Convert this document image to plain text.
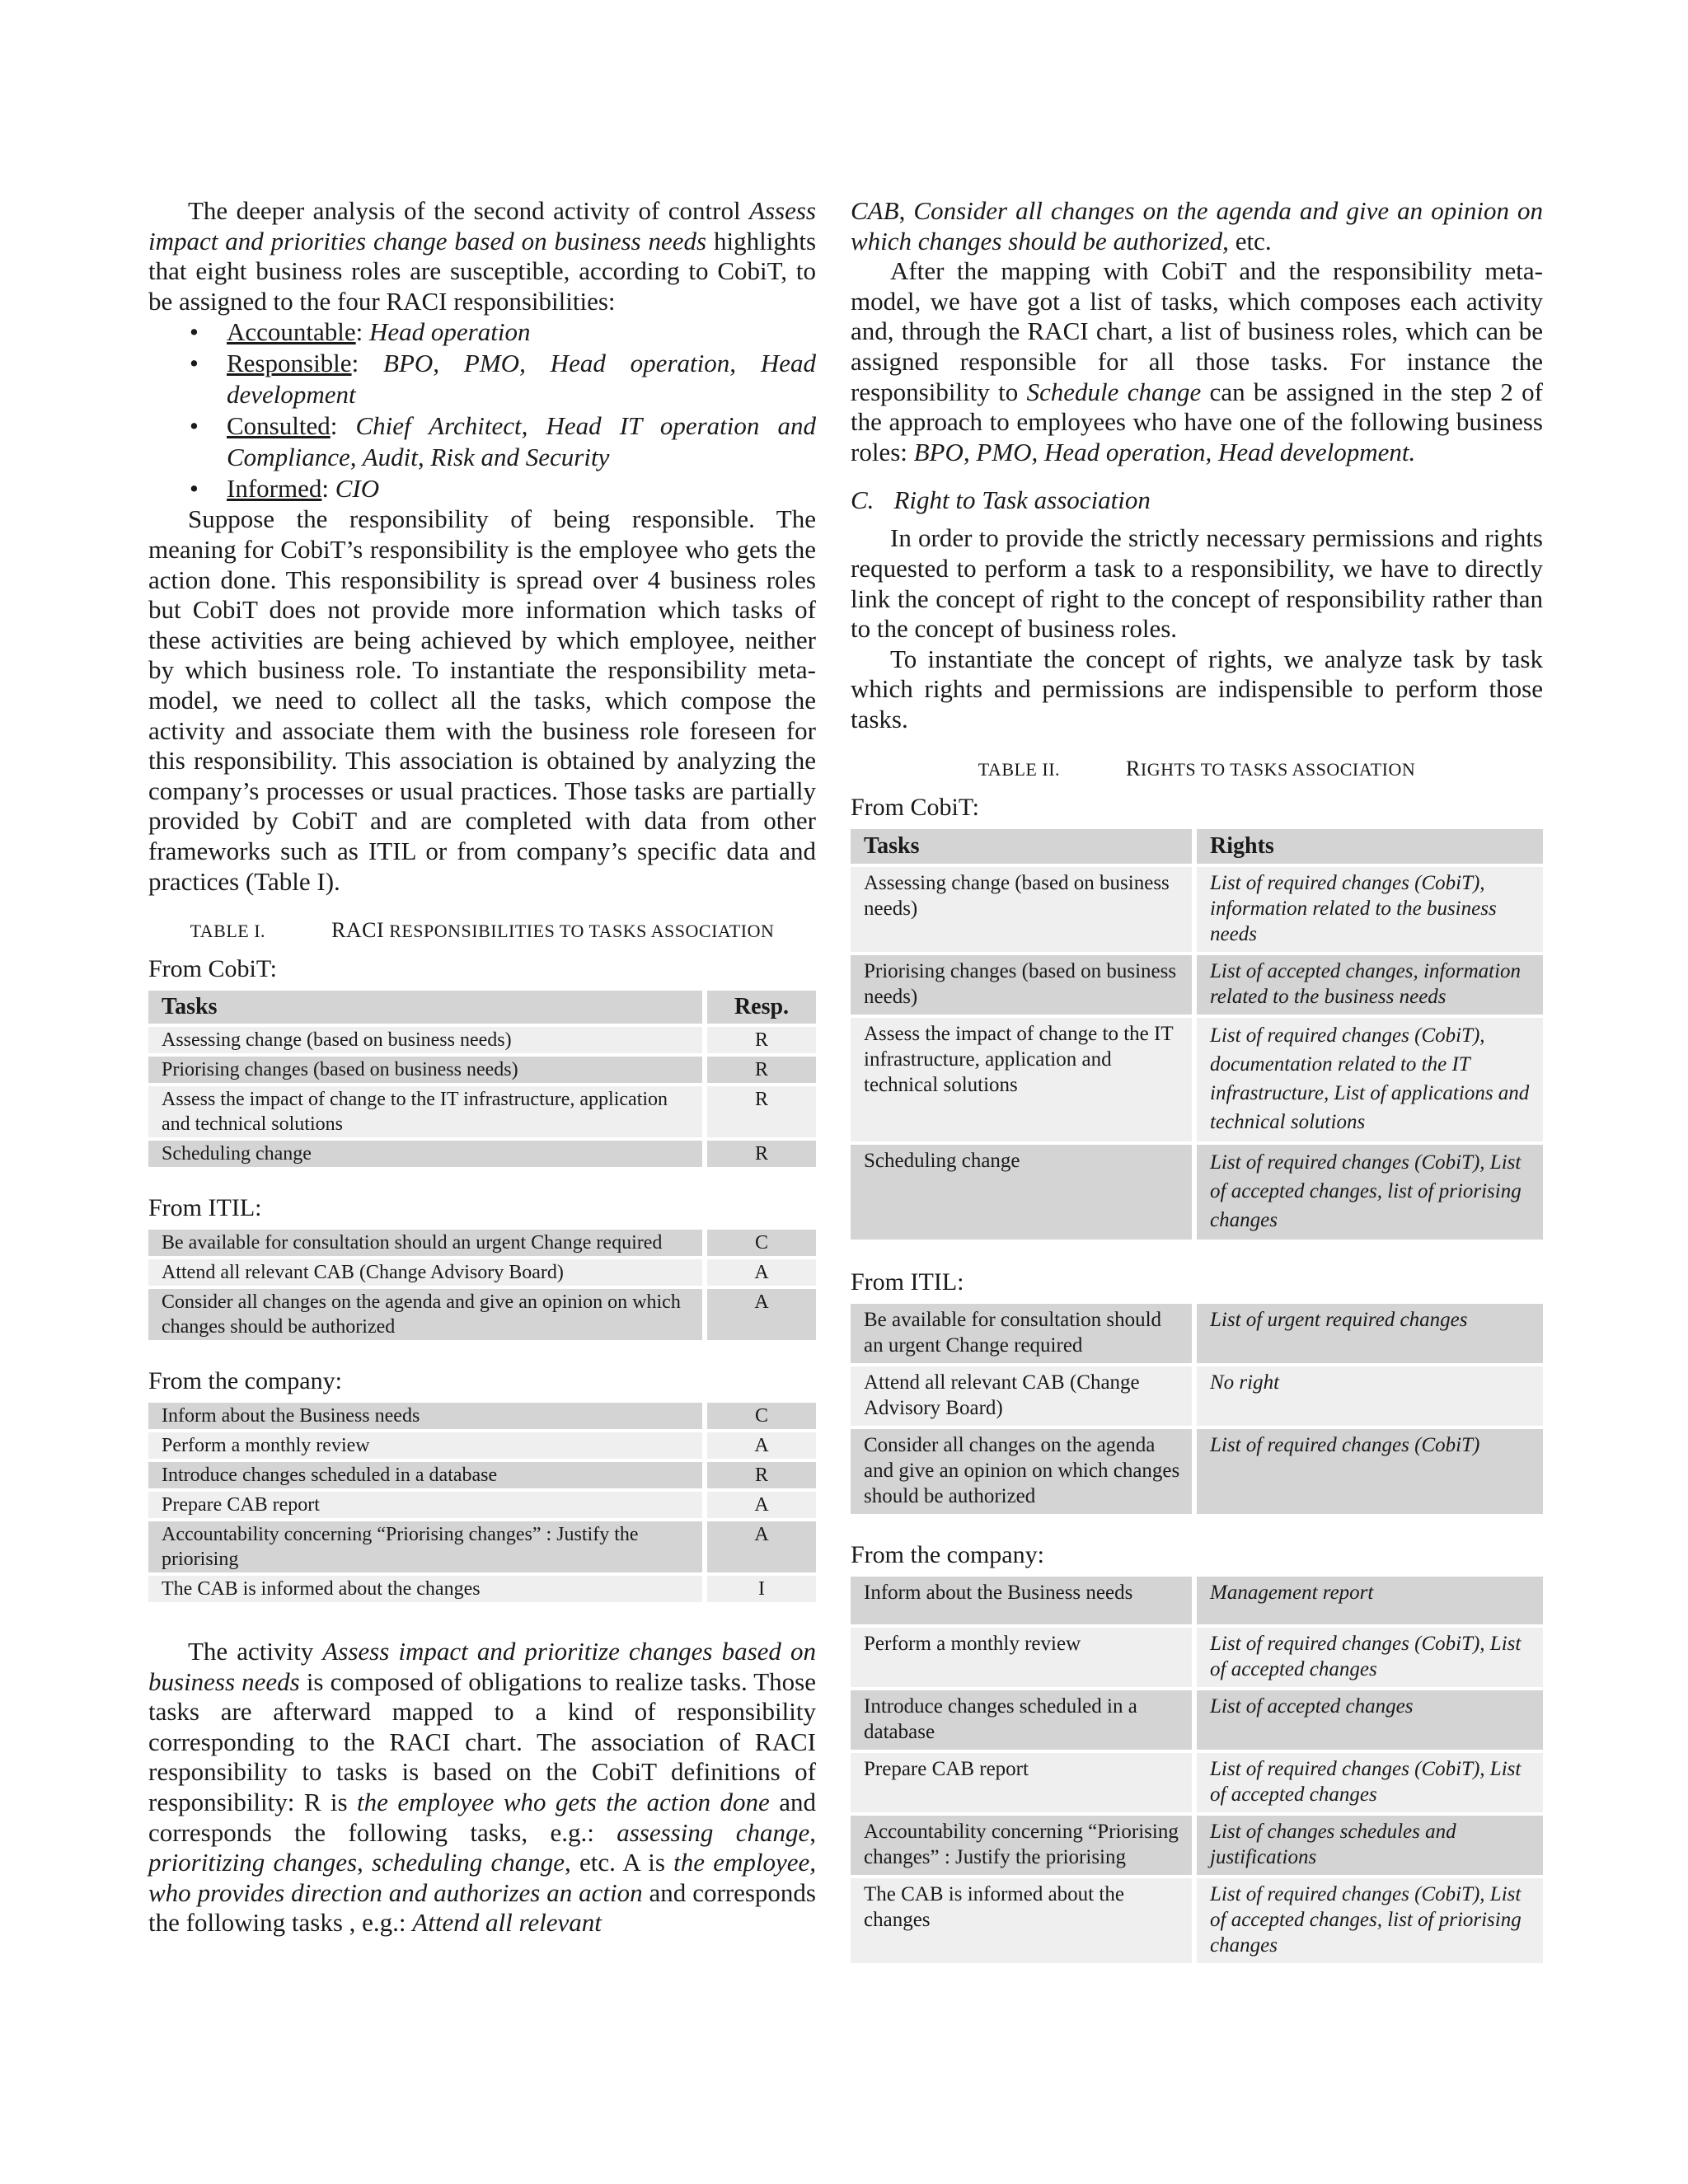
The deeper analysis of the second activity of control Assess impact and priorities change based on business needs highlights that eight business roles are susceptible, according to CobiT, to be assigned to the four RACI responsibilities:

• Accountable: Head operation
• Responsible: BPO, PMO, Head operation, Head development
• Consulted: Chief Architect, Head IT operation and Compliance, Audit, Risk and Security
• Informed: CIO

Suppose the responsibility of being responsible. The meaning for CobiT’s responsibility is the employee who gets the action done. This responsibility is spread over 4 business roles but CobiT does not provide more information which tasks of these activities are being achieved by which employee, neither by which business role. To instantiate the responsibility meta-model, we need to collect all the tasks, which compose the activity and associate them with the business role foreseen for this responsibility. This association is obtained by analyzing the company’s processes or usual practices. Those tasks are partially provided by CobiT and are completed with data from other frameworks such as ITIL or from company’s specific data and practices (Table I).

TABLE I.	RACI RESPONSIBILITIES TO TASKS ASSOCIATION
From CobiT:
Tasks		Resp.
Assessing change (based on business needs)		R
Priorising changes (based on business needs)		R
Assess the impact of change to the IT infrastructure, application and technical solutions		R
Scheduling change		R
From ITIL:
Be available for consultation should an urgent Change required		C
Attend all relevant CAB (Change Advisory Board)		A
Consider all changes on the agenda and give an opinion on which changes should be authorized		A
From the company:
Inform about the Business needs		C
Perform a monthly review		A
Introduce changes scheduled in a database		R
Prepare CAB report		A
Accountability concerning “Priorising changes” : Justify the priorising		A
The CAB is informed about the changes		I

The activity Assess impact and prioritize changes based on business needs is composed of obligations to realize tasks. Those tasks are afterward mapped to a kind of responsibility corresponding to the RACI chart. The association of RACI responsibility to tasks is based on the CobiT definitions of responsibility: R is the employee who gets the action done and corresponds the following tasks, e.g.: assessing change, prioritizing changes, scheduling change, etc. A is the employee, who provides direction and authorizes an action and corresponds the following tasks , e.g.: Attend all relevant

CAB, Consider all changes on the agenda and give an opinion on which changes should be authorized, etc.

After the mapping with CobiT and the responsibility meta-model, we have got a list of tasks, which composes each activity and, through the RACI chart, a list of business roles, which can be assigned responsible for all those tasks. For instance the responsibility to Schedule change can be assigned in the step 2 of the approach to employees who have one of the following business roles: BPO, PMO, Head operation, Head development.

C. Right to Task association

In order to provide the strictly necessary permissions and rights requested to perform a task to a responsibility, we have to directly link the concept of right to the concept of responsibility rather than to the concept of business roles.

To instantiate the concept of rights, we analyze task by task which rights and permissions are indispensible to perform those tasks.

TABLE II.	RIGHTS TO TASKS ASSOCIATION
From CobiT:
Tasks		Rights
Assessing change (based on business needs)		List of required changes (CobiT), information related to the business needs
Priorising changes (based on business needs)		List of accepted changes, information related to the business needs
Assess the impact of change to the IT infrastructure, application and technical solutions		List of required changes (CobiT), documentation related to the IT infrastructure, List of applications and technical solutions
Scheduling change		List of required changes (CobiT), List of accepted changes, list of priorising changes
From ITIL:
Be available for consultation should an urgent Change required		List of urgent required changes
Attend all relevant CAB (Change Advisory Board)		No right
Consider all changes on the agenda and give an opinion on which changes should be authorized		List of required changes (CobiT)
From the company:
Inform about the Business needs		Management report
Perform a monthly review		List of required changes (CobiT), List of accepted changes
Introduce changes scheduled in a database		List of accepted changes
Prepare CAB report		List of required changes (CobiT), List of accepted changes
Accountability concerning “Priorising changes” : Justify the priorising		List of changes schedules and justifications
The CAB is informed about the changes		List of required changes (CobiT), List of accepted changes, list of priorising changes
